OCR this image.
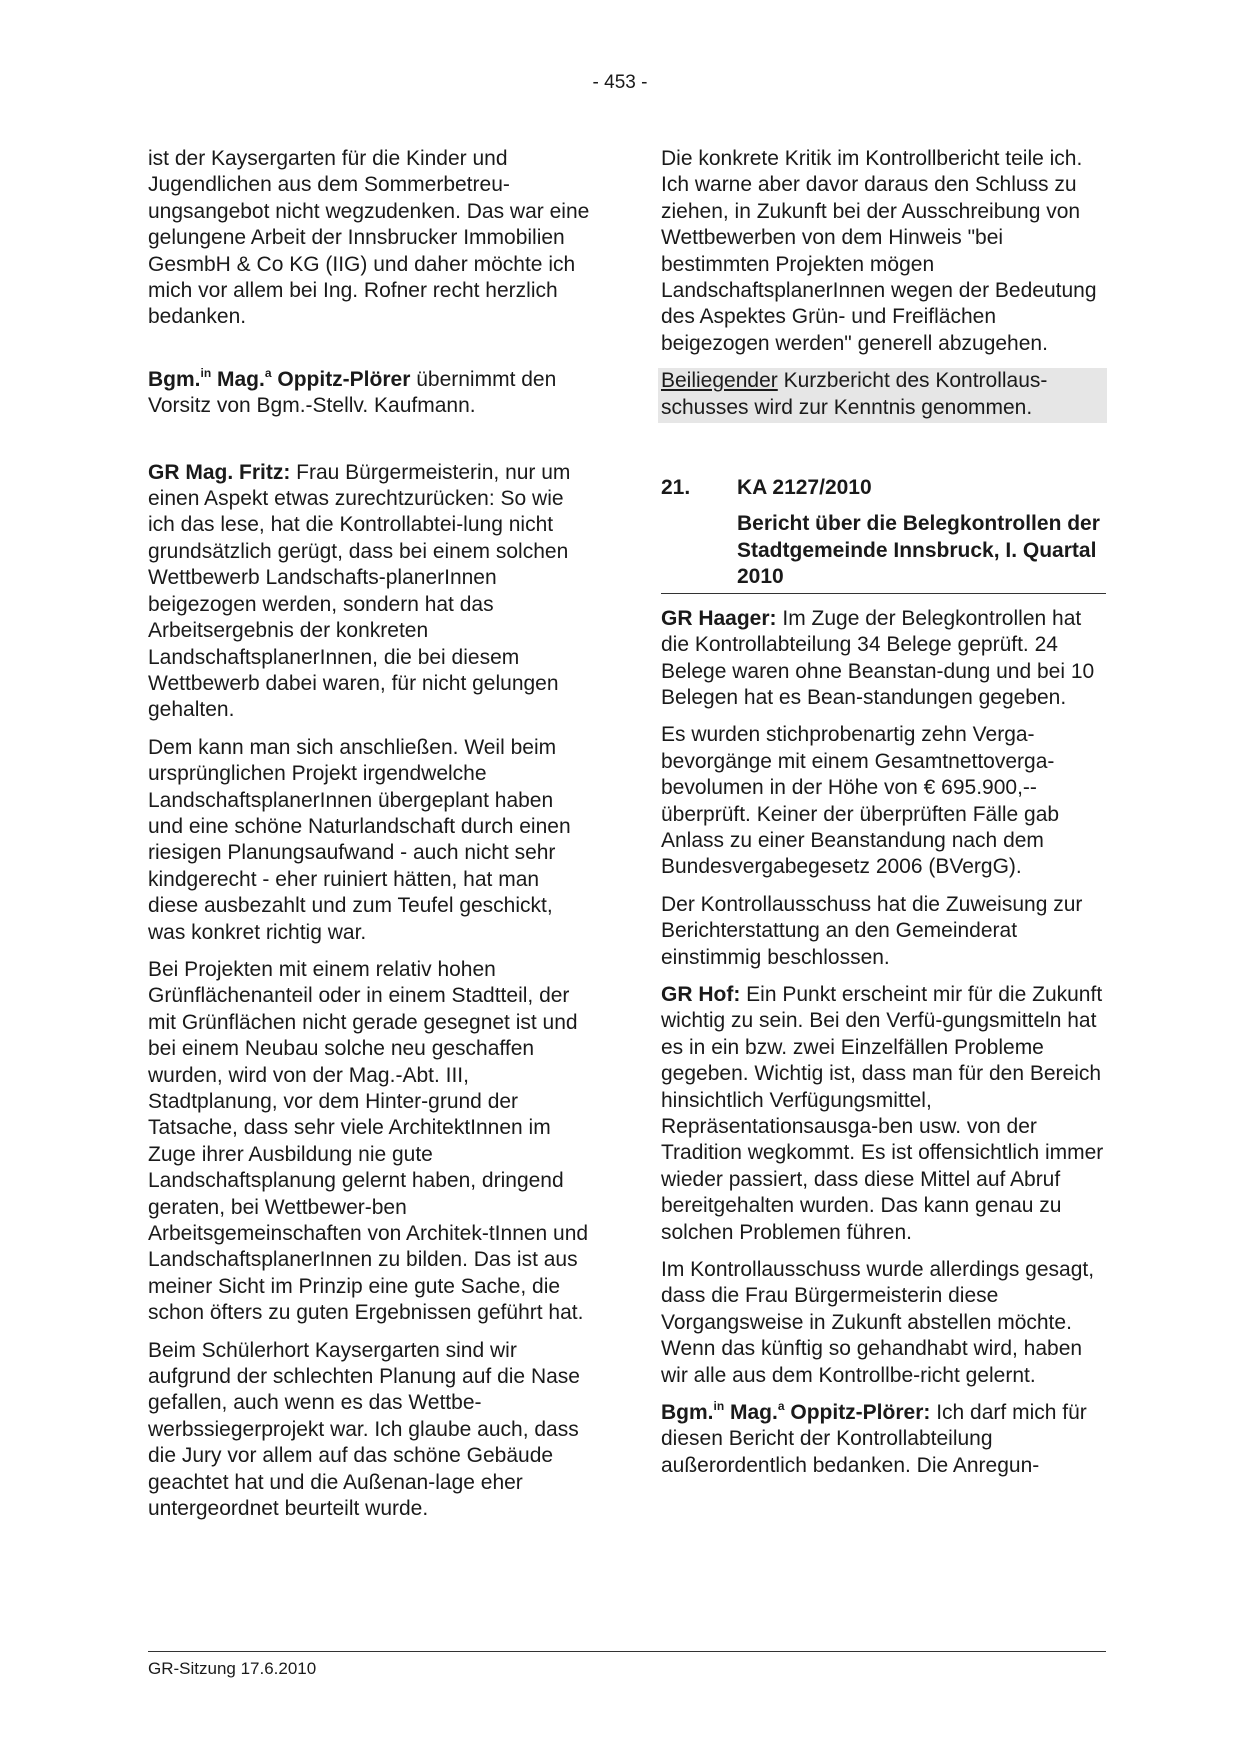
- 453 -

ist der Kaysergarten für die Kinder und Jugendlichen aus dem Sommerbetreu-ungsangebot nicht wegzudenken. Das war eine gelungene Arbeit der Innsbrucker Immobilien GesmbH & Co KG (IIG) und daher möchte ich mich vor allem bei Ing. Rofner recht herzlich bedanken.

Bgm.$^{in}$ Mag.$^a$ Oppitz-Plörer übernimmt den Vorsitz von Bgm.-Stellv. Kaufmann.

GR Mag. Fritz: Frau Bürgermeisterin, nur um einen Aspekt etwas zurechtzurücken: So wie ich das lese, hat die Kontrollabtei-lung nicht grundsätzlich gerügt, dass bei einem solchen Wettbewerb Landschafts-planerInnen beigezogen werden, sondern hat das Arbeitsergebnis der konkreten LandschaftsplanerInnen, die bei diesem Wettbewerb dabei waren, für nicht gelungen gehalten.

Dem kann man sich anschließen. Weil beim ursprünglichen Projekt irgendwelche LandschaftsplanerInnen übergeplant haben und eine schöne Naturlandschaft durch einen riesigen Planungsaufwand - auch nicht sehr kindgerecht - eher ruiniert hätten, hat man diese ausbezahlt und zum Teufel geschickt, was konkret richtig war.

Bei Projekten mit einem relativ hohen Grünflächenanteil oder in einem Stadtteil, der mit Grünflächen nicht gerade gesegnet ist und bei einem Neubau solche neu geschaffen wurden, wird von der Mag.-Abt. III, Stadtplanung, vor dem Hinter-grund der Tatsache, dass sehr viele ArchitektInnen im Zuge ihrer Ausbildung nie gute Landschaftsplanung gelernt haben, dringend geraten, bei Wettbewer-ben Arbeitsgemeinschaften von Architek-tInnen und LandschaftsplanerInnen zu bilden. Das ist aus meiner Sicht im Prinzip eine gute Sache, die schon öfters zu guten Ergebnissen geführt hat.

Beim Schülerhort Kaysergarten sind wir aufgrund der schlechten Planung auf die Nase gefallen, auch wenn es das Wettbe-werbssiegerprojekt war. Ich glaube auch, dass die Jury vor allem auf das schöne Gebäude geachtet hat und die Außenan-lage eher untergeordnet beurteilt wurde.

Die konkrete Kritik im Kontrollbericht teile ich. Ich warne aber davor daraus den Schluss zu ziehen, in Zukunft bei der Ausschreibung von Wettbewerben von dem Hinweis "bei bestimmten Projekten mögen LandschaftsplanerInnen wegen der Bedeutung des Aspektes Grün- und Freiflächen beigezogen werden" generell abzugehen.

Beiliegender Kurzbericht des Kontrollaus-schusses wird zur Kenntnis genommen.

21.	KA 2127/2010
Bericht über die Belegkontrollen der Stadtgemeinde Innsbruck, I. Quartal 2010

GR Haager: Im Zuge der Belegkontrollen hat die Kontrollabteilung 34 Belege geprüft. 24 Belege waren ohne Beanstan-dung und bei 10 Belegen hat es Bean-standungen gegeben.

Es wurden stichprobenartig zehn Verga-bevorgänge mit einem Gesamtnettoverga-bevolumen in der Höhe von € 695.900,-- überprüft. Keiner der überprüften Fälle gab Anlass zu einer Beanstandung nach dem Bundesvergabegesetz 2006 (BVergG).

Der Kontrollausschuss hat die Zuweisung zur Berichterstattung an den Gemeinderat einstimmig beschlossen.

GR Hof: Ein Punkt erscheint mir für die Zukunft wichtig zu sein. Bei den Verfü-gungsmitteln hat es in ein bzw. zwei Einzelfällen Probleme gegeben. Wichtig ist, dass man für den Bereich hinsichtlich Verfügungsmittel, Repräsentationsausga-ben usw. von der Tradition wegkommt. Es ist offensichtlich immer wieder passiert, dass diese Mittel auf Abruf bereitgehalten wurden. Das kann genau zu solchen Problemen führen.

Im Kontrollausschuss wurde allerdings gesagt, dass die Frau Bürgermeisterin diese Vorgangsweise in Zukunft abstellen möchte. Wenn das künftig so gehandhabt wird, haben wir alle aus dem Kontrollbe-richt gelernt.

Bgm.$^{in}$ Mag.$^a$ Oppitz-Plörer: Ich darf mich für diesen Bericht der Kontrollabteilung außerordentlich bedanken. Die Anregun-

GR-Sitzung 17.6.2010
